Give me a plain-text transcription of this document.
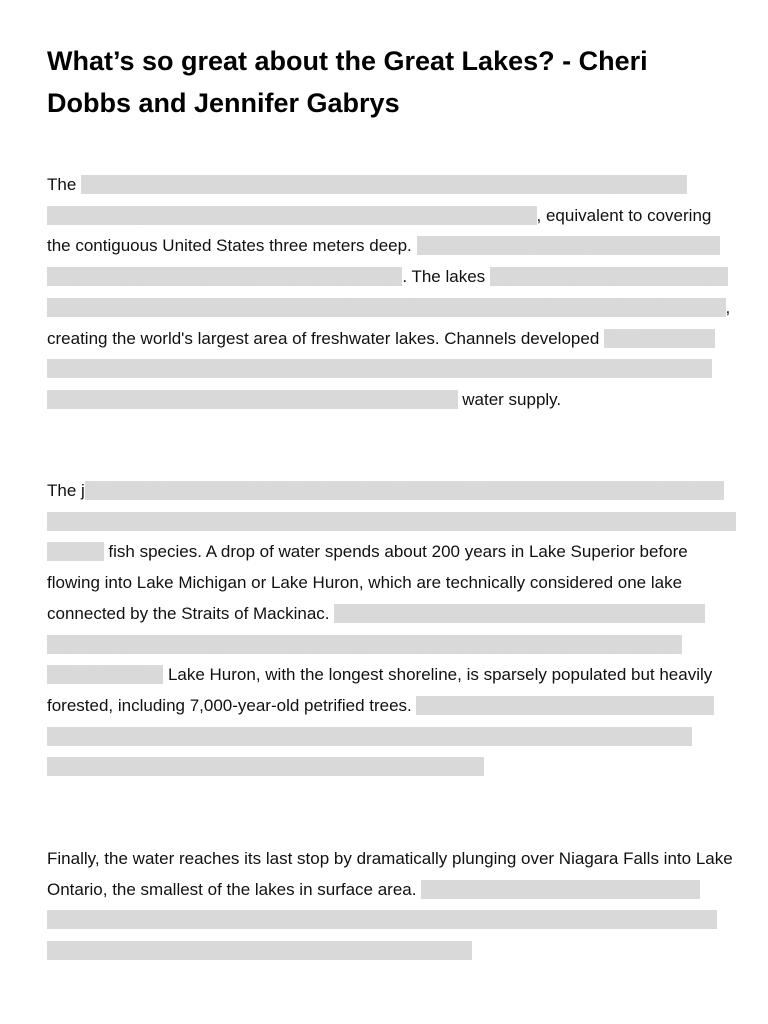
What’s so great about the Great Lakes? - Cheri Dobbs and Jennifer Gabrys

The Great Lakes, known as America's inland seas, are a remarkable geologic feature bordering eight states and containing 23 quadrillion liters of water, equivalent to covering the contiguous United States three meters deep. Spanning forest, grassland, and wetland habitats, they support over 3,500 species of life. The lakes formed at the end of the last ice age over 10,000 years ago when retreating glaciers carved out basins that filled with water, creating the world's largest area of freshwater lakes. Channels developed between these basins, resulting in an ongoing exchange of water that sustains the interconnected Great Lakes, holding almost 20% of the world's fresh surface water supply.

The journey of the water begins in Lake Superior, the deepest, coldest, and clearest of the lakes, containing half the system's water and boasting a unique and diverse ecosystem with over 80 fish species. A drop of water spends about 200 years in Lake Superior before flowing into Lake Michigan or Lake Huron, which are technically considered one lake connected by the Straits of Mackinac. Lake Michigan is the third largest in surface area, featuring the world's largest freshwater dunes, abundant wildlife species, and unique fossilized coral. Lake Huron, with the longest shoreline, is sparsely populated but heavily forested, including 7,000-year-old petrified trees. From Lake Huron, water flows southern towards into Lake Erie, the warmest and shallowest of the five lakes, supporting a rich diversity of animal life including millions of migratory birds.

Finally, the water reaches its last stop by dramatically plunging over Niagara Falls into Lake Ontario, the smallest of the lakes in surface area. Some of this well-traveled water then enters the St. Lawrence River, eventually reaching the Atlantic Ocean. Apart from being a natural wonder, the Great Lakes offer numerous benefits
